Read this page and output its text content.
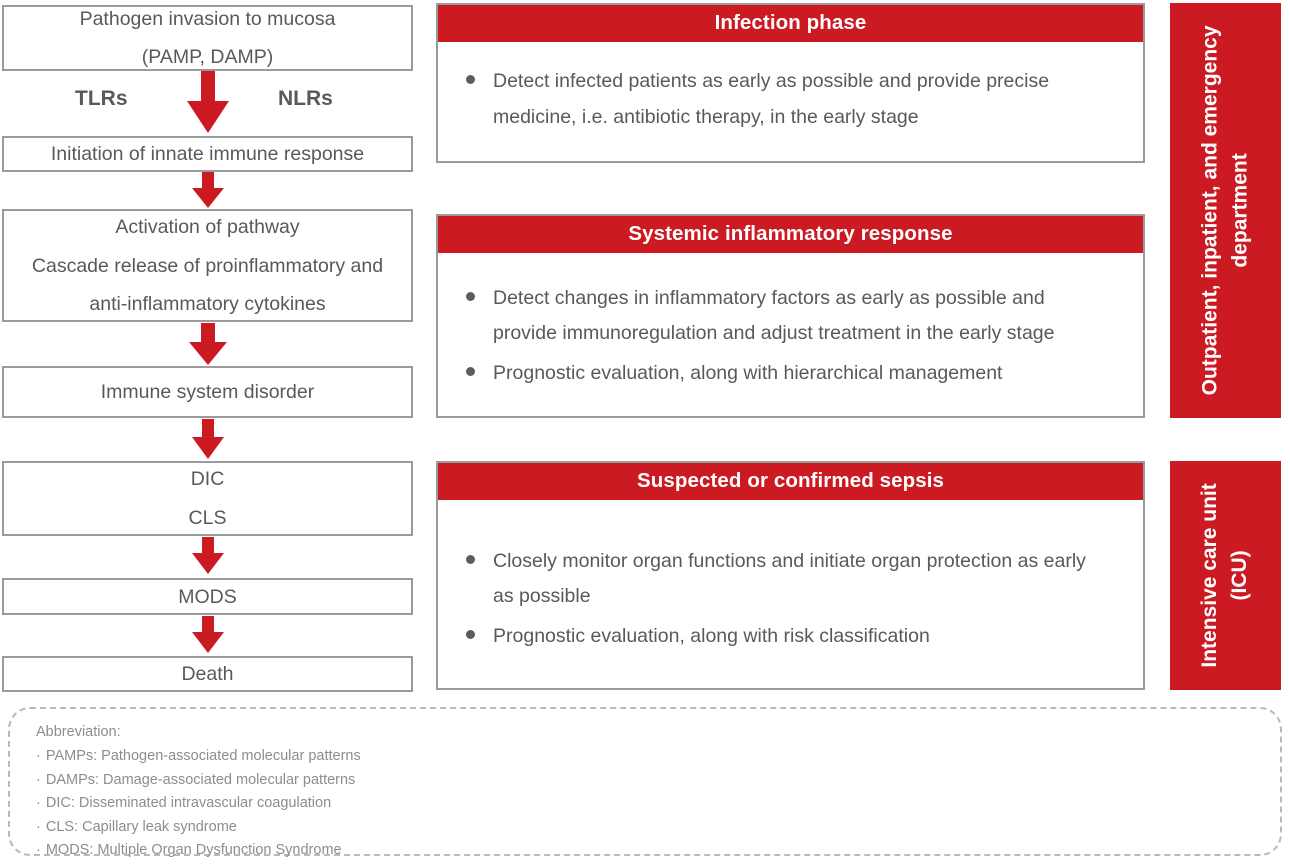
Pathogen invasion to mucosa
(PAMP, DAMP)
TLRs	NLRs
Initiation of innate immune response
Activation of pathway
Cascade release of proinflammatory and
anti-inflammatory cytokines
Immune system disorder
DIC
CLS
MODS
Death
Infection phase
Detect infected patients as early as possible and provide precise medicine, i.e. antibiotic therapy, in the early stage
Systemic inflammatory response
Detect changes in inflammatory factors as early as possible and provide immunoregulation and adjust treatment in the early stage
Prognostic evaluation, along with hierarchical management
Suspected or confirmed sepsis
Closely monitor organ functions and initiate organ protection as early as possible
Prognostic evaluation, along with risk classification
Outpatient, inpatient, and emergency department
Intensive care unit (ICU)
Abbreviation:
· PAMPs: Pathogen-associated molecular patterns
· DAMPs: Damage-associated molecular patterns
· DIC: Disseminated intravascular coagulation
· CLS: Capillary leak syndrome
· MODS: Multiple Organ Dysfunction Syndrome
